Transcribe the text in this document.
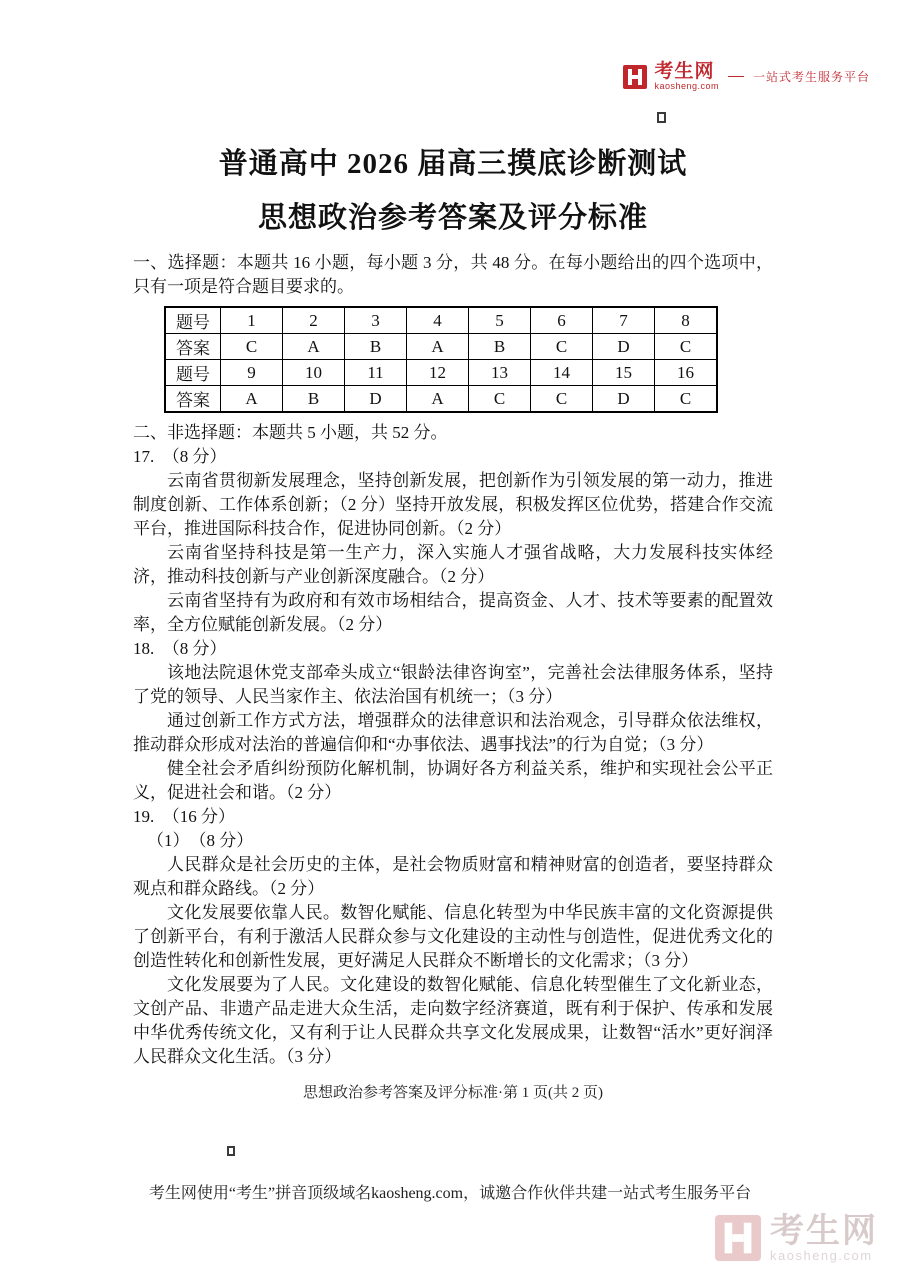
考生网
kaosheng.com
一站式考生服务平台
普通高中 2026 届高三摸底诊断测试
思想政治参考答案及评分标准

一、选择题：本题共 16 小题，每小题 3 分，共 48 分。在每小题给出的四个选项中，只有一项是符合题目要求的。

题号	1	2	3	4	5	6	7	8
答案	C	A	B	A	B	C	D	C
题号	9	10	11	12	13	14	15	16
答案	A	B	D	A	C	C	D	C

二、非选择题：本题共 5 小题，共 52 分。

17.　（8 分）

云南省贯彻新发展理念，坚持创新发展，把创新作为引领发展的第一动力，推进制度创新、工作体系创新；（2 分）坚持开放发展，积极发挥区位优势，搭建合作交流平台，推进国际科技合作，促进协同创新。（2 分）

云南省坚持科技是第一生产力，深入实施人才强省战略，大力发展科技实体经济，推动科技创新与产业创新深度融合。（2 分）

云南省坚持有为政府和有效市场相结合，提高资金、人才、技术等要素的配置效率，全方位赋能创新发展。（2 分）

18.　（8 分）

该地法院退休党支部牵头成立“银龄法律咨询室”，完善社会法律服务体系，坚持了党的领导、人民当家作主、依法治国有机统一；（3 分）

通过创新工作方式方法，增强群众的法律意识和法治观念，引导群众依法维权，推动群众形成对法治的普遍信仰和“办事依法、遇事找法”的行为自觉；（3 分）

健全社会矛盾纠纷预防化解机制，协调好各方利益关系，维护和实现社会公平正义，促进社会和谐。（2 分）

19.　（16 分）

（1）　（8 分）

人民群众是社会历史的主体，是社会物质财富和精神财富的创造者，要坚持群众观点和群众路线。（2 分）

文化发展要依靠人民。数智化赋能、信息化转型为中华民族丰富的文化资源提供了创新平台，有利于激活人民群众参与文化建设的主动性与创造性，促进优秀文化的创造性转化和创新性发展，更好满足人民群众不断增长的文化需求；（3 分）

文化发展要为了人民。文化建设的数智化赋能、信息化转型催生了文化新业态，文创产品、非遗产品走进大众生活，走向数字经济赛道，既有利于保护、传承和发展中华优秀传统文化，又有利于让人民群众共享文化发展成果，让数智“活水”更好润泽人民群众文化生活。（3 分）

思想政治参考答案及评分标准·第 1 页(共 2 页)

考生网使用“考生”拼音顶级域名kaosheng.com，诚邀合作伙伴共建一站式考生服务平台

考生网
kaosheng.com
